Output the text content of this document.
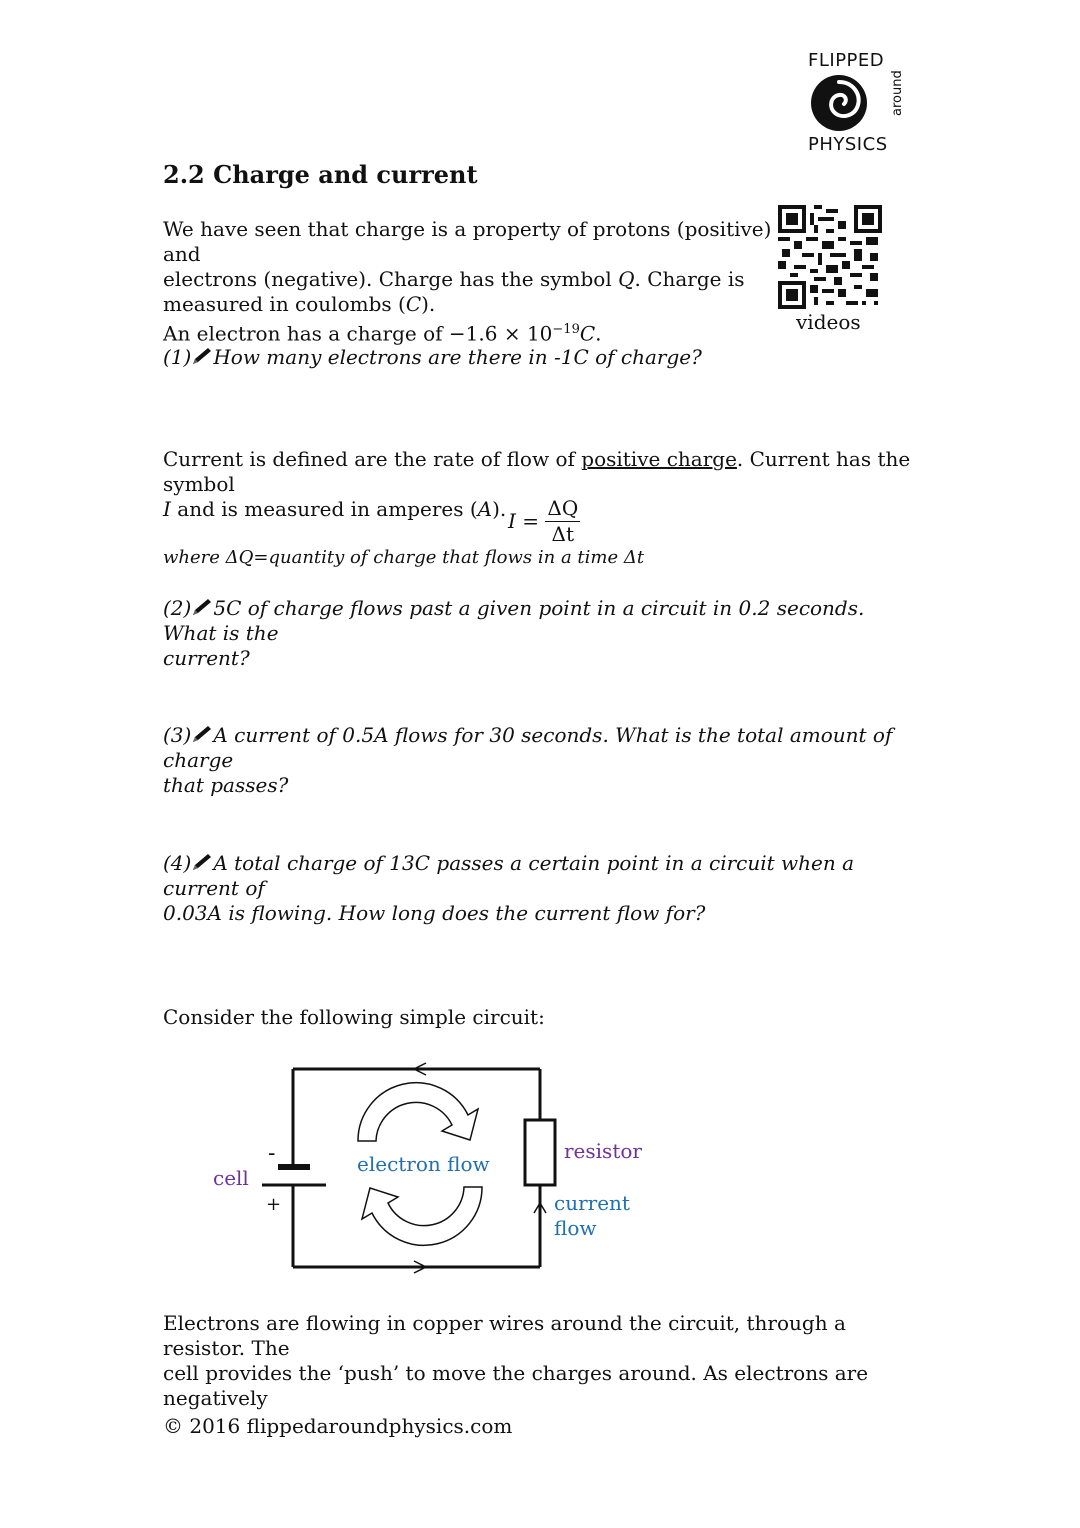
FLIPPED
around
PHYSICS
2.2 Charge and current
videos
We have seen that charge is a property of protons (positive) and
electrons (negative). Charge has the symbol Q. Charge is
measured in coulombs (C).
An electron has a charge of $-1.6 \times 10^{-19}C$.
(1) How many electrons are there in -1C of charge?
Current is defined are the rate of flow of positive charge. Current has the symbol
I and is measured in amperes (A). $I = \frac{\Delta Q}{\Delta t}$
where ΔQ=quantity of charge that flows in a time Δt
(2) 5C of charge flows past a given point in a circuit in 0.2 seconds. What is the
current?
(3) A current of 0.5A flows for 30 seconds. What is the total amount of charge
that passes?
(4) A total charge of 13C passes a certain point in a circuit when a current of
0.03A is flowing. How long does the current flow for?
Consider the following simple circuit:
-
+
cell
electron flow
resistor
current
flow
Electrons are flowing in copper wires around the circuit, through a resistor. The
cell provides the ‘push’ to move the charges around. As electrons are negatively
© 2016 flippedaroundphysics.com
